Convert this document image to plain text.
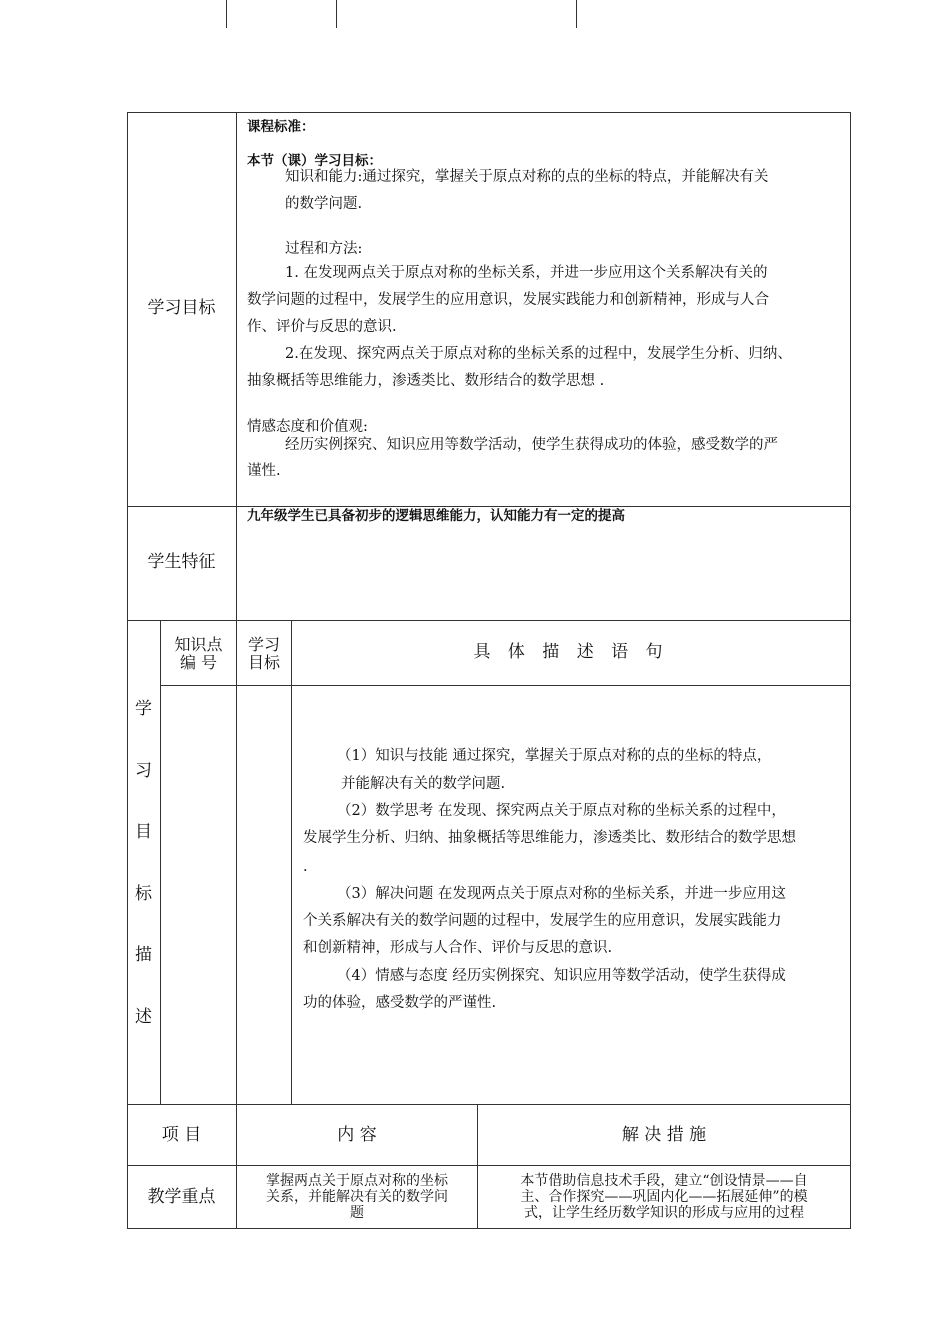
学习目标
课程标准：
本节（课）学习目标：
知识和能力:通过探究，掌握关于原点对称的点的坐标的特点，并能解决有关
的数学问题.
过程和方法:
1. 在发现两点关于原点对称的坐标关系，并进一步应用这个关系解决有关的
数学问题的过程中，发展学生的应用意识，发展实践能力和创新精神，形成与人合
作、评价与反思的意识.
2.在发现、探究两点关于原点对称的坐标关系的过程中，发展学生分析、归纳、
抽象概括等思维能力，渗透类比、数形结合的数学思想 .
情感态度和价值观:
经历实例探究、知识应用等数学活动，使学生获得成功的体验，感受数学的严
谨性.
学生特征
九年级学生已具备初步的逻辑思维能力，认知能力有一定的提高
学
习
目
标
描
述
知识点
编 号
学习
目标
具 体 描 述 语 句
（1）知识与技能 通过探究，掌握关于原点对称的点的坐标的特点，
并能解决有关的数学问题.
（2）数学思考 在发现、探究两点关于原点对称的坐标关系的过程中，
发展学生分析、归纳、抽象概括等思维能力，渗透类比、数形结合的数学思想
.
（3）解决问题 在发现两点关于原点对称的坐标关系，并进一步应用这
个关系解决有关的数学问题的过程中，发展学生的应用意识，发展实践能力
和创新精神，形成与人合作、评价与反思的意识.
（4）情感与态度 经历实例探究、知识应用等数学活动，使学生获得成
功的体验，感受数学的严谨性.
项 目	内 容	解 决 措 施
教学重点
掌握两点关于原点对称的坐标
关系，并能解决有关的数学问
题
本节借助信息技术手段，建立“创设情景——自
主、合作探究——巩固内化——拓展延伸”的模
式，让学生经历数学知识的形成与应用的过程
